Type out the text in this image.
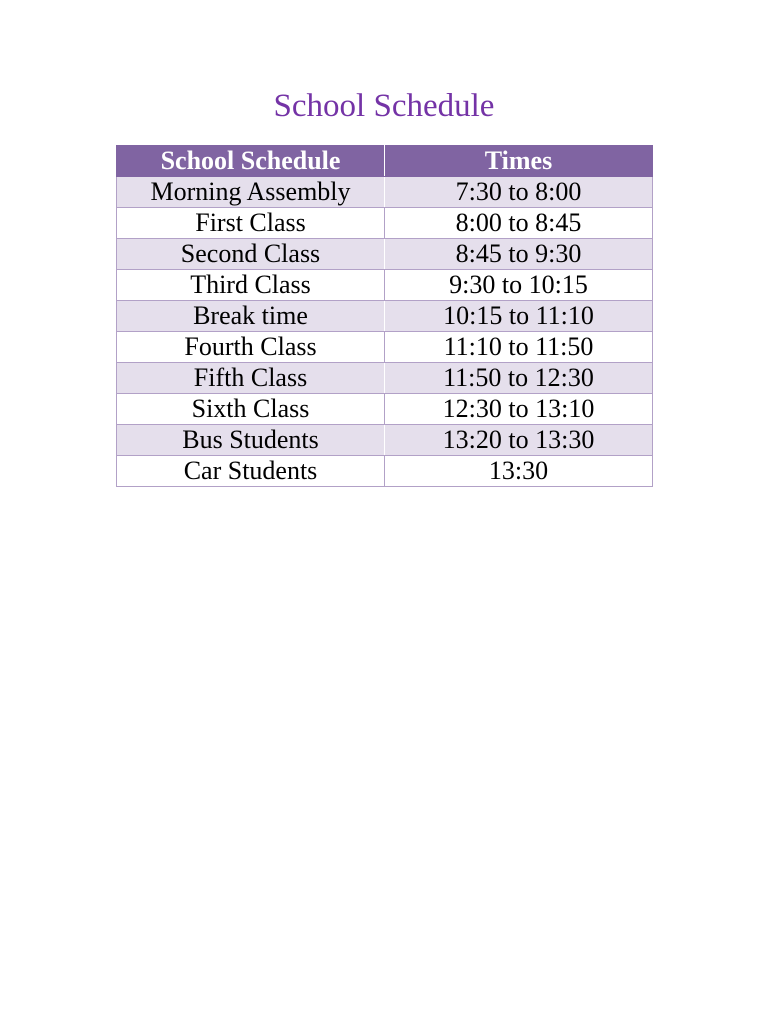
School Schedule
School Schedule	Times
Morning Assembly	7:30 to 8:00
First Class	8:00 to 8:45
Second Class	8:45 to 9:30
Third Class	9:30 to 10:15
Break time	10:15 to 11:10
Fourth Class	11:10 to 11:50
Fifth Class	11:50 to 12:30
Sixth Class	12:30 to 13:10
Bus Students	13:20 to 13:30
Car Students	13:30
